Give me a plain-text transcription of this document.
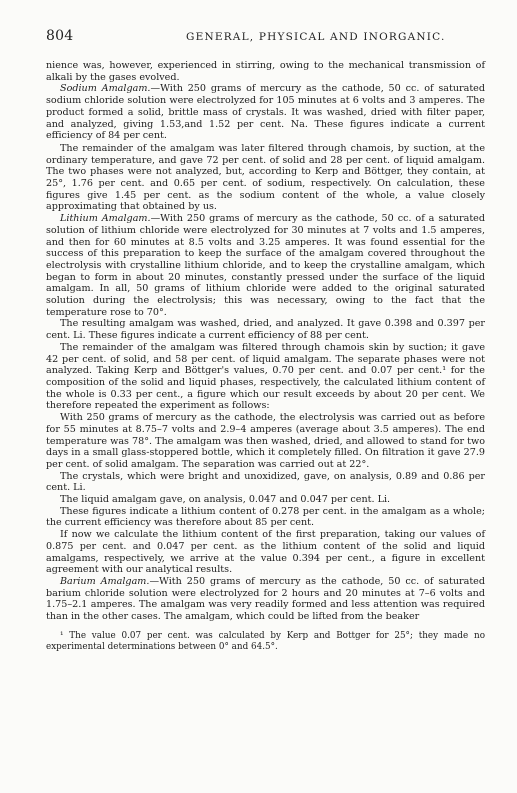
804	GENERAL, PHYSICAL AND INORGANIC.

nience was, however, experienced in stirring, owing to the mechanical transmission of alkali by the gases evolved.

Sodium Amalgam.—With 250 grams of mercury as the cathode, 50 cc. of saturated sodium chloride solution were electrolyzed for 105 minutes at 6 volts and 3 amperes. The product formed a solid, brittle mass of crystals. It was washed, dried with filter paper, and analyzed, giving 1.53,and 1.52 per cent. Na. These figures indicate a current efficiency of 84 per cent.

The remainder of the amalgam was later filtered through chamois, by suction, at the ordinary temperature, and gave 72 per cent. of solid and 28 per cent. of liquid amalgam. The two phases were not analyzed, but, according to Kerp and Böttger, they contain, at 25°, 1.76 per cent. and 0.65 per cent. of sodium, respectively. On calculation, these figures give 1.45 per cent. as the sodium content of the whole, a value closely approximating that obtained by us.

Lithium Amalgam.—With 250 grams of mercury as the cathode, 50 cc. of a saturated solution of lithium chloride were electrolyzed for 30 minutes at 7 volts and 1.5 amperes, and then for 60 minutes at 8.5 volts and 3.25 amperes. It was found essential for the success of this preparation to keep the surface of the amalgam covered throughout the electrolysis with crystalline lithium chloride, and to keep the crystalline amalgam, which began to form in about 20 minutes, constantly pressed under the surface of the liquid amalgam. In all, 50 grams of lithium chloride were added to the original saturated solution during the electrolysis; this was necessary, owing to the fact that the temperature rose to 70°.

The resulting amalgam was washed, dried, and analyzed. It gave 0.398 and 0.397 per cent. Li. These figures indicate a current efficiency of 88 per cent.

The remainder of the amalgam was filtered through chamois skin by suction; it gave 42 per cent. of solid, and 58 per cent. of liquid amalgam. The separate phases were not analyzed. Taking Kerp and Böttger's values, 0.70 per cent. and 0.07 per cent.¹ for the composition of the solid and liquid phases, respectively, the calculated lithium content of the whole is 0.33 per cent., a figure which our result exceeds by about 20 per cent. We therefore repeated the experiment as follows:

With 250 grams of mercury as the cathode, the electrolysis was carried out as before for 55 minutes at 8.75–7 volts and 2.9–4 amperes (average about 3.5 amperes). The end temperature was 78°. The amalgam was then washed, dried, and allowed to stand for two days in a small glass-stoppered bottle, which it completely filled. On filtration it gave 27.9 per cent. of solid amalgam. The separation was carried out at 22°.

The crystals, which were bright and unoxidized, gave, on analysis, 0.89 and 0.86 per cent. Li.

The liquid amalgam gave, on analysis, 0.047 and 0.047 per cent. Li.

These figures indicate a lithium content of 0.278 per cent. in the amalgam as a whole; the current efficiency was therefore about 85 per cent.

If now we calculate the lithium content of the first preparation, taking our values of 0.875 per cent. and 0.047 per cent. as the lithium content of the solid and liquid amalgams, respectively, we arrive at the value 0.394 per cent., a figure in excellent agreement with our analytical results.

Barium Amalgam.—With 250 grams of mercury as the cathode, 50 cc. of saturated barium chloride solution were electrolyzed for 2 hours and 20 minutes at 7–6 volts and 1.75–2.1 amperes. The amalgam was very readily formed and less attention was required than in the other cases. The amalgam, which could be lifted from the beaker

¹ The value 0.07 per cent. was calculated by Kerp and Bottger for 25°; they made no experimental determinations between 0° and 64.5°.
